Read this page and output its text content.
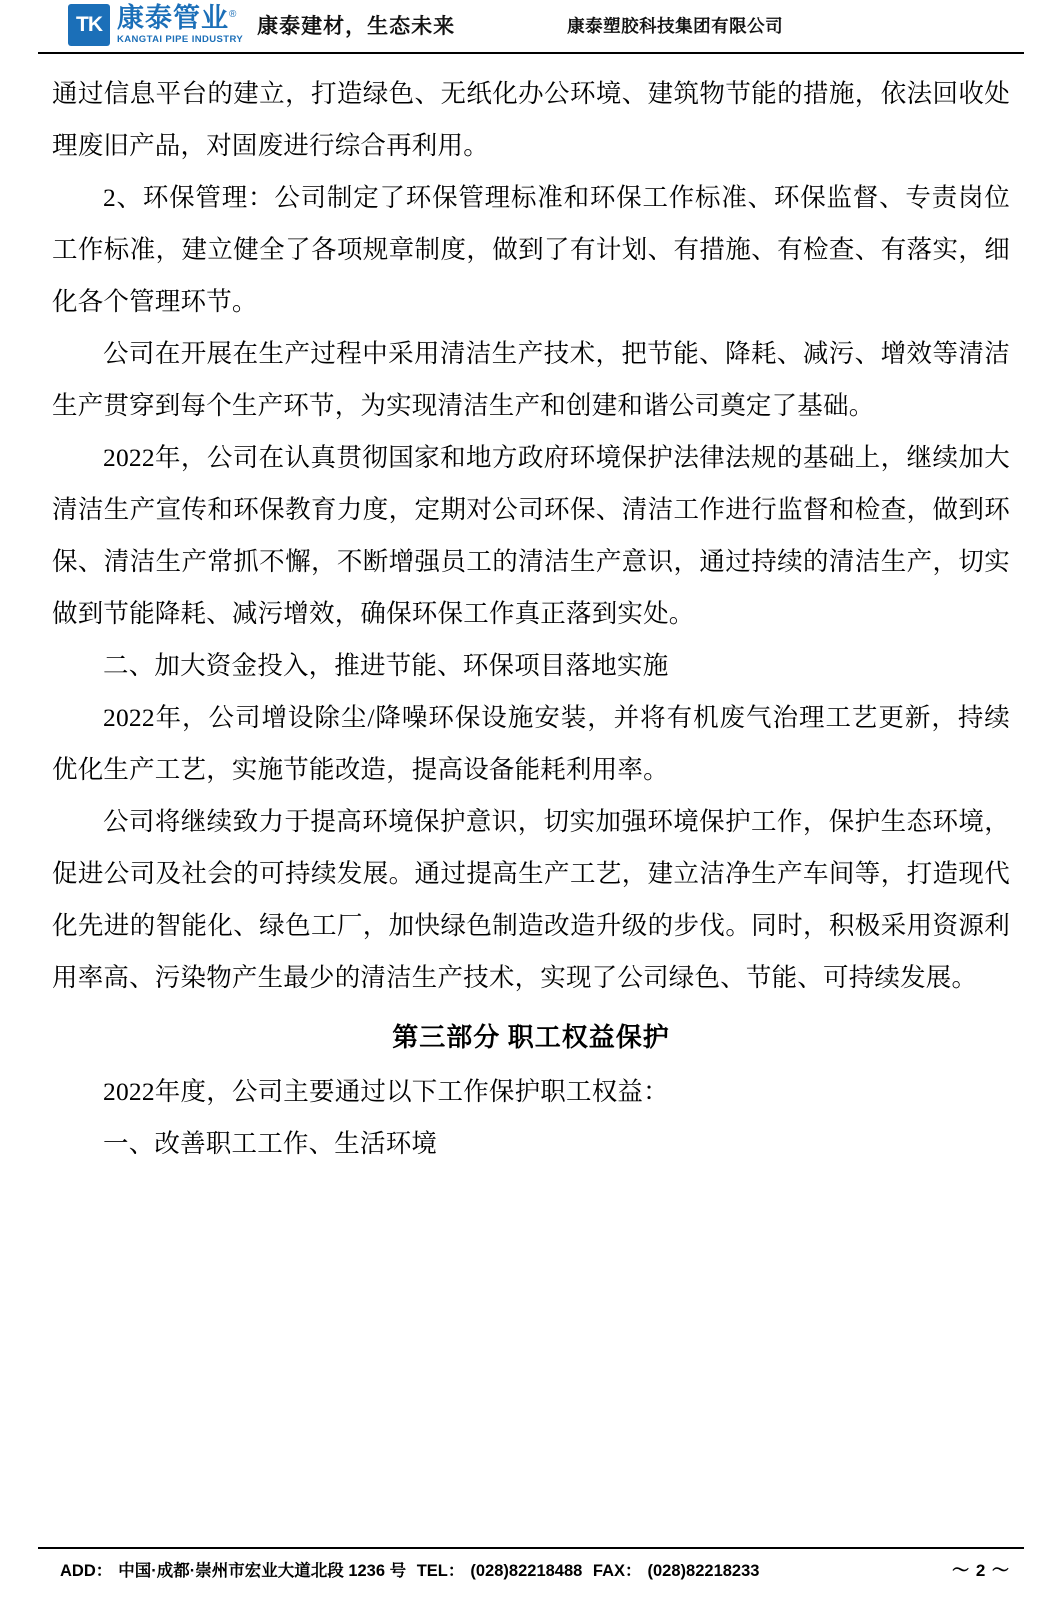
TK 康泰管业®
KANGTAI PIPE INDUSTRY
康泰建材，生态未来	康泰塑胶科技集团有限公司

通过信息平台的建立，打造绿色、无纸化办公环境、建筑物节能的措施，依法回收处理废旧产品，对固废进行综合再利用。

2、环保管理：公司制定了环保管理标准和环保工作标准、环保监督、专责岗位工作标准，建立健全了各项规章制度，做到了有计划、有措施、有检查、有落实，细化各个管理环节。

公司在开展在生产过程中采用清洁生产技术，把节能、降耗、减污、增效等清洁生产贯穿到每个生产环节，为实现清洁生产和创建和谐公司奠定了基础。

2022年，公司在认真贯彻国家和地方政府环境保护法律法规的基础上，继续加大清洁生产宣传和环保教育力度，定期对公司环保、清洁工作进行监督和检查，做到环保、清洁生产常抓不懈，不断增强员工的清洁生产意识，通过持续的清洁生产，切实做到节能降耗、减污增效，确保环保工作真正落到实处。

二、加大资金投入，推进节能、环保项目落地实施

2022年，公司增设除尘/降噪环保设施安装，并将有机废气治理工艺更新，持续优化生产工艺，实施节能改造，提高设备能耗利用率。

公司将继续致力于提高环境保护意识，切实加强环境保护工作，保护生态环境，促进公司及社会的可持续发展。通过提高生产工艺，建立洁净生产车间等，打造现代化先进的智能化、绿色工厂，加快绿色制造改造升级的步伐。同时，积极采用资源利用率高、污染物产生最少的清洁生产技术，实现了公司绿色、节能、可持续发展。

第三部分 职工权益保护

2022年度，公司主要通过以下工作保护职工权益：

一、改善职工工作、生活环境

ADD： 中国·成都·崇州市宏业大道北段 1236 号 TEL： (028)82218488 FAX： (028)82218233	～ 2 ～
